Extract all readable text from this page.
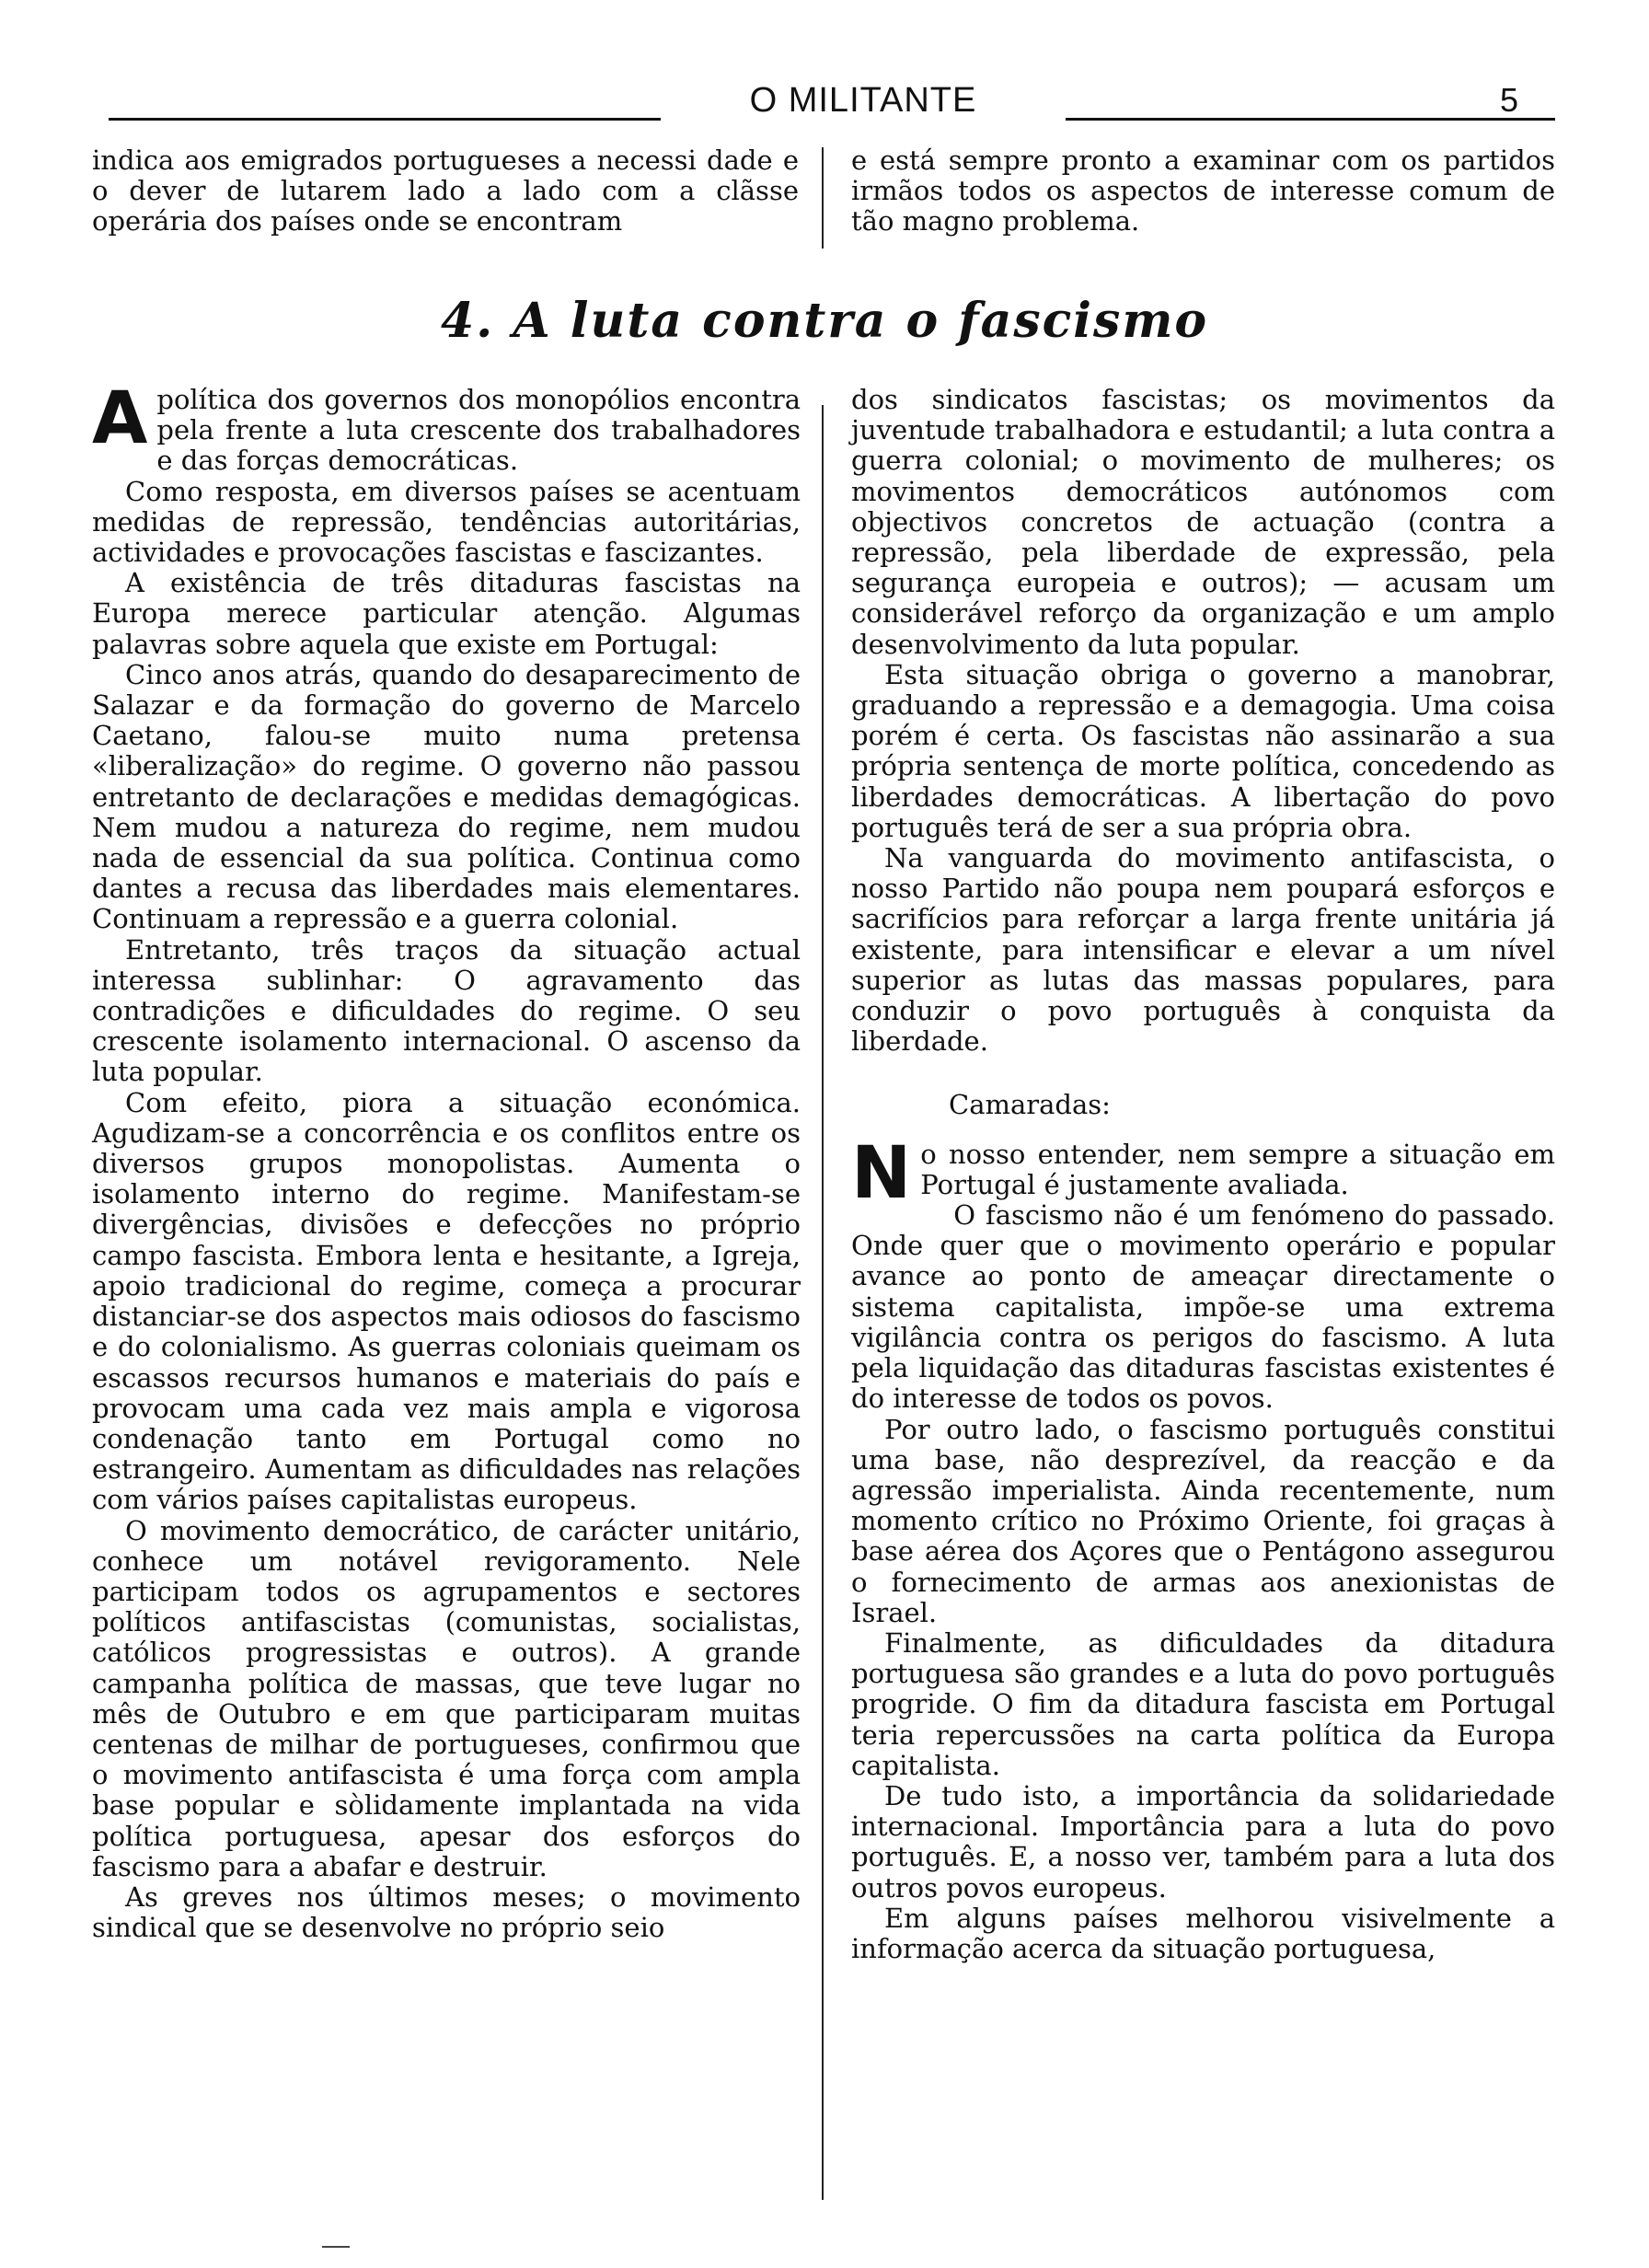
O MILITANTE	5

indica aos emigrados portugueses a necessi dade e o dever de lutarem lado a lado com a clãsse operária dos países onde se encontram

e está sempre pronto a examinar com os partidos irmãos todos os aspectos de interesse comum de tão magno problema.

4. A luta contra o fascismo

Apolítica dos governos dos monopólios encontra pela frente a luta crescente dos trabalhadores e das forças democráticas.

Como resposta, em diversos países se acentuam medidas de repressão, tendências autoritárias, actividades e provocações fascistas e fascizantes.

A existência de três ditaduras fascistas na Europa merece particular atenção. Algumas palavras sobre aquela que existe em Portugal:

Cinco anos atrás, quando do desaparecimento de Salazar e da formação do governo de Marcelo Caetano, falou-se muito numa pretensa «liberalização» do regime. O governo não passou entretanto de declarações e medidas demagógicas. Nem mudou a natureza do regime, nem mudou nada de essencial da sua política. Continua como dantes a recusa das liberdades mais elementares. Continuam a repressão e a guerra colonial.

Entretanto, três traços da situação actual interessa sublinhar: O agravamento das contradições e dificuldades do regime. O seu crescente isolamento internacional. O ascenso da luta popular.

Com efeito, piora a situação económica. Agudizam-se a concorrência e os conflitos entre os diversos grupos monopolistas. Aumenta o isolamento interno do regime. Manifestam-se divergências, divisões e defecções no próprio campo fascista. Embora lenta e hesitante, a Igreja, apoio tradicional do regime, começa a procurar distanciar-se dos aspectos mais odiosos do fascismo e do colonialismo. As guerras coloniais queimam os escassos recursos humanos e materiais do país e provocam uma cada vez mais ampla e vigorosa condenação tanto em Portugal como no estrangeiro. Aumentam as dificuldades nas relações com vários países capitalistas europeus.

O movimento democrático, de carácter unitário, conhece um notável revigoramento. Nele participam todos os agrupamentos e sectores políticos antifascistas (comunistas, socialistas, católicos progressistas e outros). A grande campanha política de massas, que teve lugar no mês de Outubro e em que participaram muitas centenas de milhar de portugueses, confirmou que o movimento antifascista é uma força com ampla base popular e sòlidamente implantada na vida política portuguesa, apesar dos esforços do fascismo para a abafar e destruir.

As greves nos últimos meses; o movimento sindical que se desenvolve no próprio seio

dos sindicatos fascistas; os movimentos da juventude trabalhadora e estudantil; a luta contra a guerra colonial; o movimento de mulheres; os movimentos democráticos autónomos com objectivos concretos de actuação (contra a repressão, pela liberdade de expressão, pela segurança europeia e outros); — acusam um considerável reforço da organização e um amplo desenvolvimento da luta popular.

Esta situação obriga o governo a manobrar, graduando a repressão e a demagogia. Uma coisa porém é certa. Os fascistas não assinarão a sua própria sentença de morte política, concedendo as liberdades democráticas. A libertação do povo português terá de ser a sua própria obra.

Na vanguarda do movimento antifascista, o nosso Partido não poupa nem poupará esforços e sacrifícios para reforçar a larga frente unitária já existente, para intensificar e elevar a um nível superior as lutas das massas populares, para conduzir o povo português à conquista da liberdade.

Camaradas:

No nosso entender, nem sempre a situação em Portugal é justamente avaliada.

O fascismo não é um fenómeno do passado. Onde quer que o movimento operário e popular avance ao ponto de ameaçar directamente o sistema capitalista, impõe-se uma extrema vigilância contra os perigos do fascismo. A luta pela liquidação das ditaduras fascistas existentes é do interesse de todos os povos.

Por outro lado, o fascismo português constitui uma base, não desprezível, da reacção e da agressão imperialista. Ainda recentemente, num momento crítico no Próximo Oriente, foi graças à base aérea dos Açores que o Pentágono assegurou o fornecimento de armas aos anexionistas de Israel.

Finalmente, as dificuldades da ditadura portuguesa são grandes e a luta do povo português progride. O fim da ditadura fascista em Portugal teria repercussões na carta política da Europa capitalista.

De tudo isto, a importância da solidariedade internacional. Importância para a luta do povo português. E, a nosso ver, também para a luta dos outros povos europeus.

Em alguns países melhorou visivelmente a informação acerca da situação portuguesa,
